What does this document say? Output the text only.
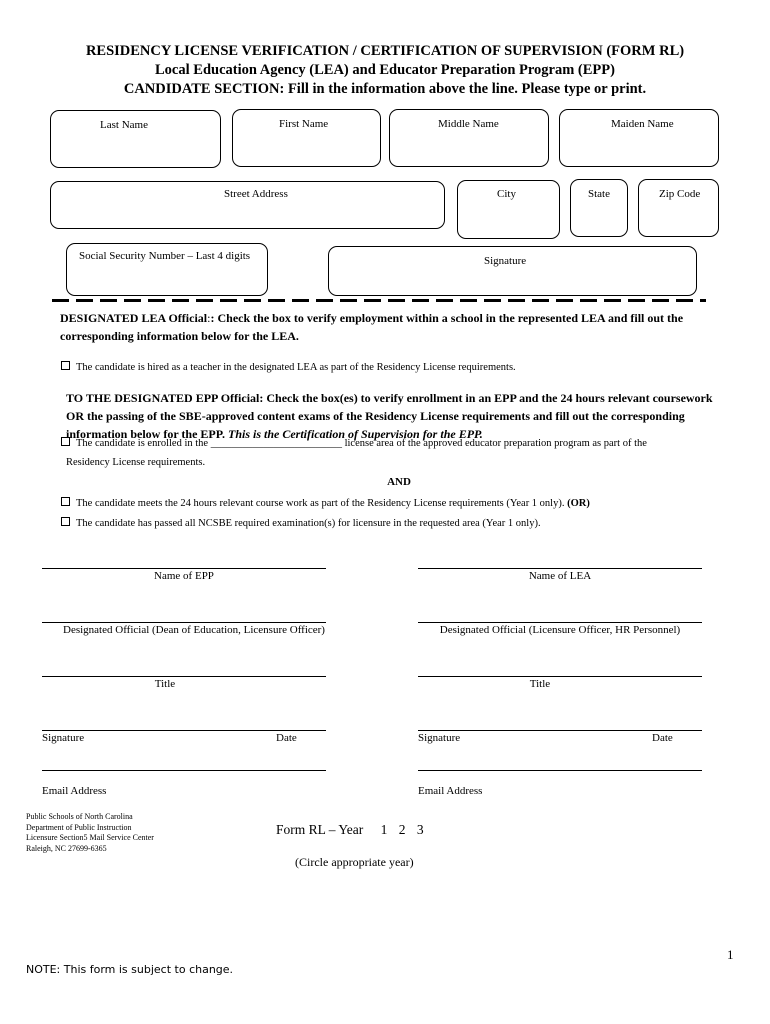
RESIDENCY LICENSE VERIFICATION / CERTIFICATION OF SUPERVISION (FORM RL)
Local Education Agency (LEA) and Educator Preparation Program (EPP)
CANDIDATE SECTION: Fill in the information above the line. Please type or print.
Last Name	First Name	Middle Name	Maiden Name
Street Address	City	State	Zip Code
Social Security Number – Last 4 digits	Signature
DESIGNATED LEA Official:: Check the box to verify employment within a school in the represented LEA and fill out the corresponding information below for the LEA.
The candidate is hired as a teacher in the designated LEA as part of the Residency License requirements.
TO THE DESIGNATED EPP Official: Check the box(es) to verify enrollment in an EPP and the 24 hours relevant coursework OR the passing of the SBE-approved content exams of the Residency License requirements and fill out the corresponding information below for the EPP. This is the Certification of Supervision for the EPP.
The candidate is enrolled in the _________________________ license area of the approved educator preparation program as part of the
Residency License requirements.
AND
The candidate meets the 24 hours relevant course work as part of the Residency License requirements (Year 1 only). (OR)
The candidate has passed all NCSBE required examination(s) for licensure in the requested area (Year 1 only).
Name of EPP
Designated Official (Dean of Education, Licensure Officer)
Title
Signature	Date
Email Address
Name of LEA
Designated Official (Licensure Officer, HR Personnel)
Title
Signature	Date
Email Address
Public Schools of North Carolina
Department of Public Instruction
Licensure Section5 Mail Service Center
Raleigh, NC 27699-6365
Form RL – Year 1 2 3
(Circle appropriate year)
1
NOTE: This form is subject to change.
